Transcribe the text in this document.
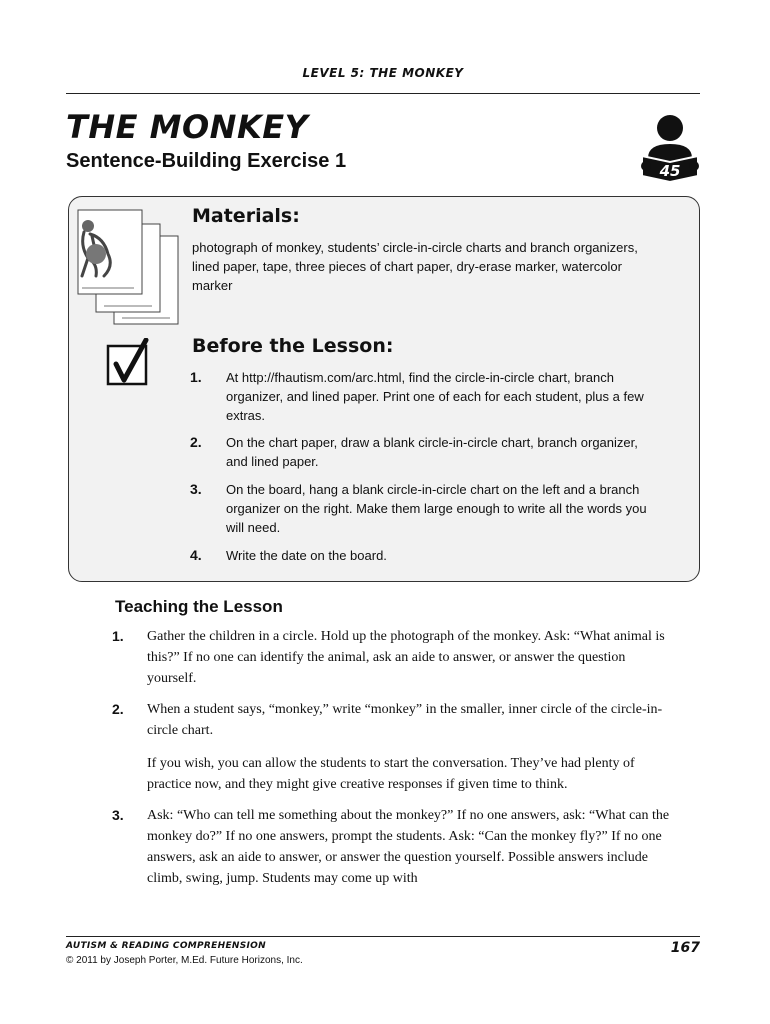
LEVEL 5: THE MONKEY
THE MONKEY
Sentence-Building Exercise 1	45
Materials:
photograph of monkey, students’ circle-in-circle charts and branch organizers, lined paper, tape, three pieces of chart paper, dry-erase marker, watercolor marker
Before the Lesson:
1.	At http://fhautism.com/arc.html, find the circle-in-circle chart, branch organizer, and lined paper. Print one of each for each student, plus a few extras.
2.	On the chart paper, draw a blank circle-in-circle chart, branch organizer, and lined paper.
3.	On the board, hang a blank circle-in-circle chart on the left and a branch organizer on the right. Make them large enough to write all the words you will need.
4.	Write the date on the board.
Teaching the Lesson
1.	Gather the children in a circle. Hold up the photograph of the monkey. Ask: “What animal is this?” If no one can identify the animal, ask an aide to answer, or answer the question yourself.

2.	When a student says, “monkey,” write “monkey” in the smaller, inner circle of the circle-in-circle chart.

If you wish, you can allow the students to start the conversation. They’ve had plenty of practice now, and they might give creative responses if given time to think.

3.	Ask: “Who can tell me something about the monkey?” If no one answers, ask: “What can the monkey do?” If no one answers, prompt the students. Ask: “Can the monkey fly?” If no one answers, ask an aide to answer, or answer the question yourself. Possible answers include climb, swing, jump. Students may come up with

AUTISM & READING COMPREHENSION
© 2011 by Joseph Porter, M.Ed. Future Horizons, Inc.
167
